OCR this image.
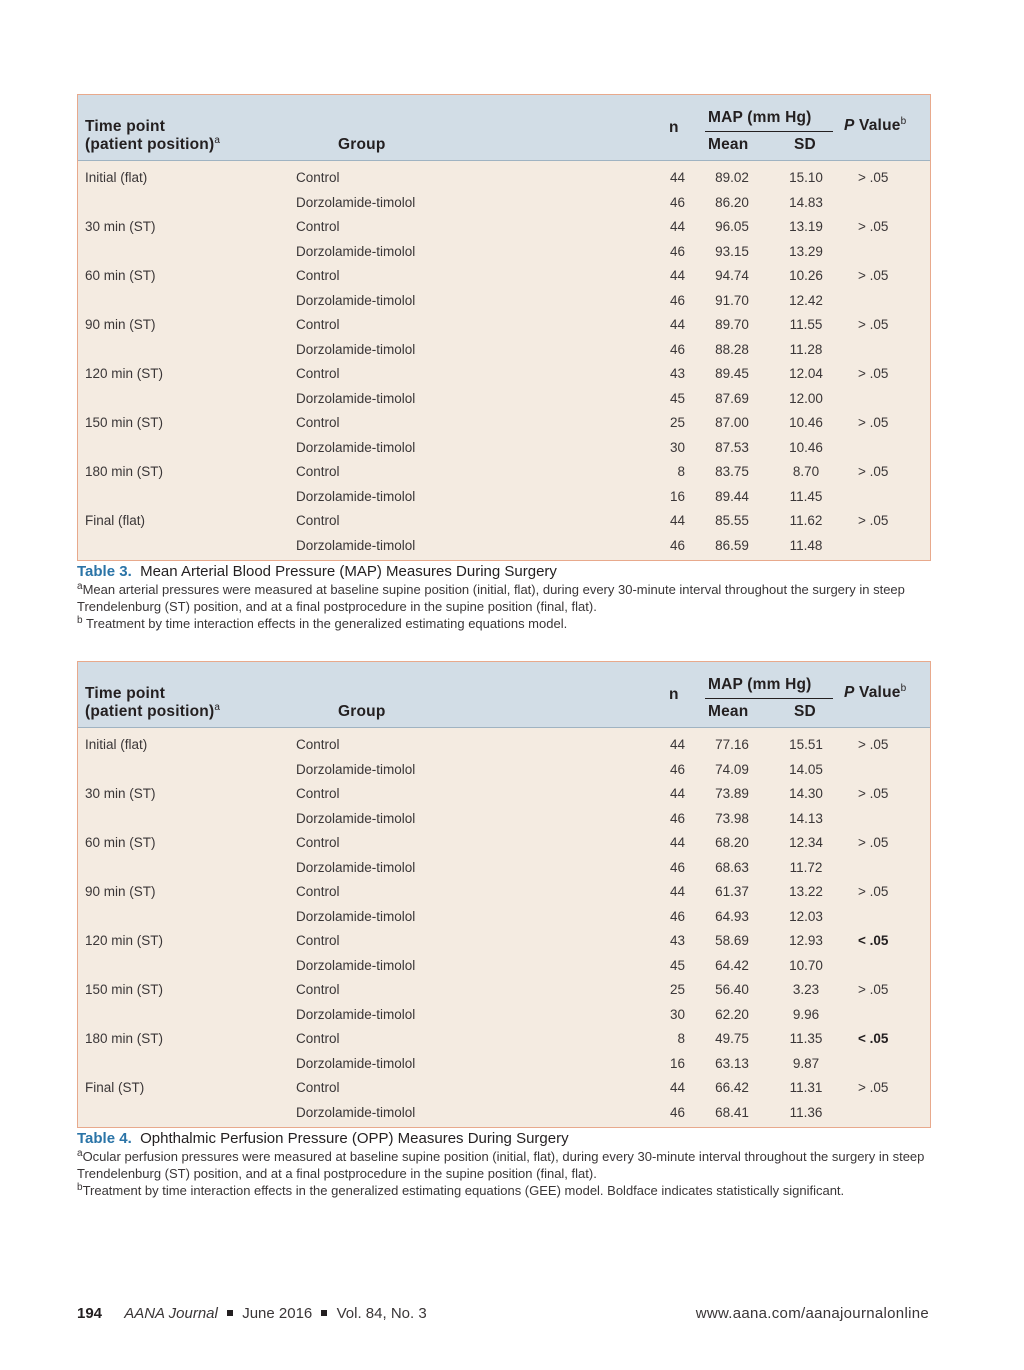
Time point
(patient position)$^a$	Group
n
MAP (mm Hg)
Mean	SD
P Value$^b$
Initial (flat)	Control	44	89.02	15.10	> .05
Dorzolamide-timolol	46	86.20	14.83
30 min (ST)	Control	44	96.05	13.19	> .05
Dorzolamide-timolol	46	93.15	13.29
60 min (ST)	Control	44	94.74	10.26	> .05
Dorzolamide-timolol	46	91.70	12.42
90 min (ST)	Control	44	89.70	11.55	> .05
Dorzolamide-timolol	46	88.28	11.28
120 min (ST)	Control	43	89.45	12.04	> .05
Dorzolamide-timolol	45	87.69	12.00
150 min (ST)	Control	25	87.00	10.46	> .05
Dorzolamide-timolol	30	87.53	10.46
180 min (ST)	Control	8	83.75	8.70	> .05
Dorzolamide-timolol	16	89.44	11.45
Final (flat)	Control	44	85.55	11.62	> .05
Dorzolamide-timolol	46	86.59	11.48
Table 3. Mean Arterial Blood Pressure (MAP) Measures During Surgery
$^a$Mean arterial pressures were measured at baseline supine position (initial, flat), during every 30-minute interval throughout the surgery in steep Trendelenburg (ST) position, and at a final postprocedure in the supine position (final, flat).
$^b$ Treatment by time interaction effects in the generalized estimating equations model.
Time point
(patient position)$^a$	Group
n
MAP (mm Hg)
Mean	SD
P Value$^b$
Initial (flat)	Control	44	77.16	15.51	> .05
Dorzolamide-timolol	46	74.09	14.05
30 min (ST)	Control	44	73.89	14.30	> .05
Dorzolamide-timolol	46	73.98	14.13
60 min (ST)	Control	44	68.20	12.34	> .05
Dorzolamide-timolol	46	68.63	11.72
90 min (ST)	Control	44	61.37	13.22	> .05
Dorzolamide-timolol	46	64.93	12.03
120 min (ST)	Control	43	58.69	12.93	< .05
Dorzolamide-timolol	45	64.42	10.70
150 min (ST)	Control	25	56.40	3.23	> .05
Dorzolamide-timolol	30	62.20	9.96
180 min (ST)	Control	8	49.75	11.35	< .05
Dorzolamide-timolol	16	63.13	9.87
Final (ST)	Control	44	66.42	11.31	> .05
Dorzolamide-timolol	46	68.41	11.36
Table 4. Ophthalmic Perfusion Pressure (OPP) Measures During Surgery
$^a$Ocular perfusion pressures were measured at baseline supine position (initial, flat), during every 30-minute interval throughout the surgery in steep Trendelenburg (ST) position, and at a final postprocedure in the supine position (final, flat).
$^b$Treatment by time interaction effects in the generalized estimating equations (GEE) model. Boldface indicates statistically significant.
194 AANA Journal June 2016 Vol. 84, No. 3	www.aana.com/aanajournalonline
